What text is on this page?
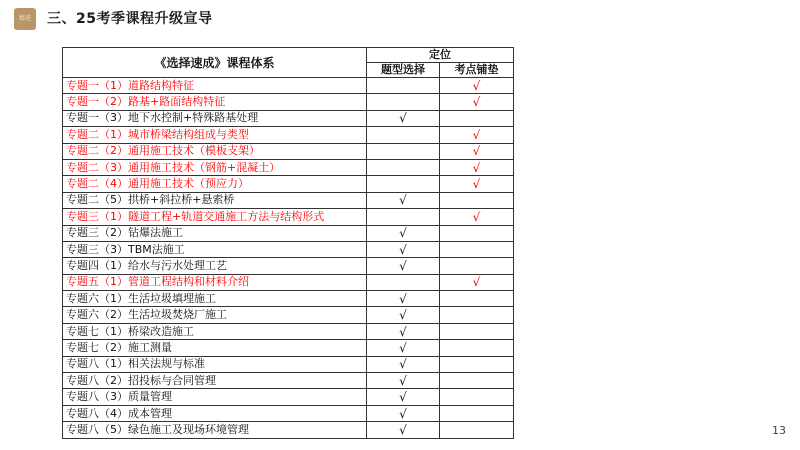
精进 三、25考季课程升级宣导
《选择速成》课程体系	定位	
	题型选择	考点铺垫
专题一（1）道路结构特征		√
专题一（2）路基+路面结构特征		√
专题一（3）地下水控制+特殊路基处理	√	
专题二（1）城市桥梁结构组成与类型		√
专题二（2）通用施工技术（模板支架）		√
专题二（3）通用施工技术（钢筋+混凝土）		√
专题二（4）通用施工技术（预应力）		√
专题二（5）拱桥+斜拉桥+悬索桥	√	
专题三（1）隧道工程+轨道交通施工方法与结构形式		√
专题三（2）钻爆法施工	√	
专题三（3）TBM法施工	√	
专题四（1）给水与污水处理工艺	√	
专题五（1）管道工程结构和材料介绍		√
专题六（1）生活垃圾填埋施工	√	
专题六（2）生活垃圾焚烧厂施工	√	
专题七（1）桥梁改造施工	√	
专题七（2）施工测量	√	
专题八（1）相关法规与标准	√	
专题八（2）招投标与合同管理	√	
专题八（3）质量管理	√	
专题八（4）成本管理	√	
专题八（5）绿色施工及现场环境管理	√		13
